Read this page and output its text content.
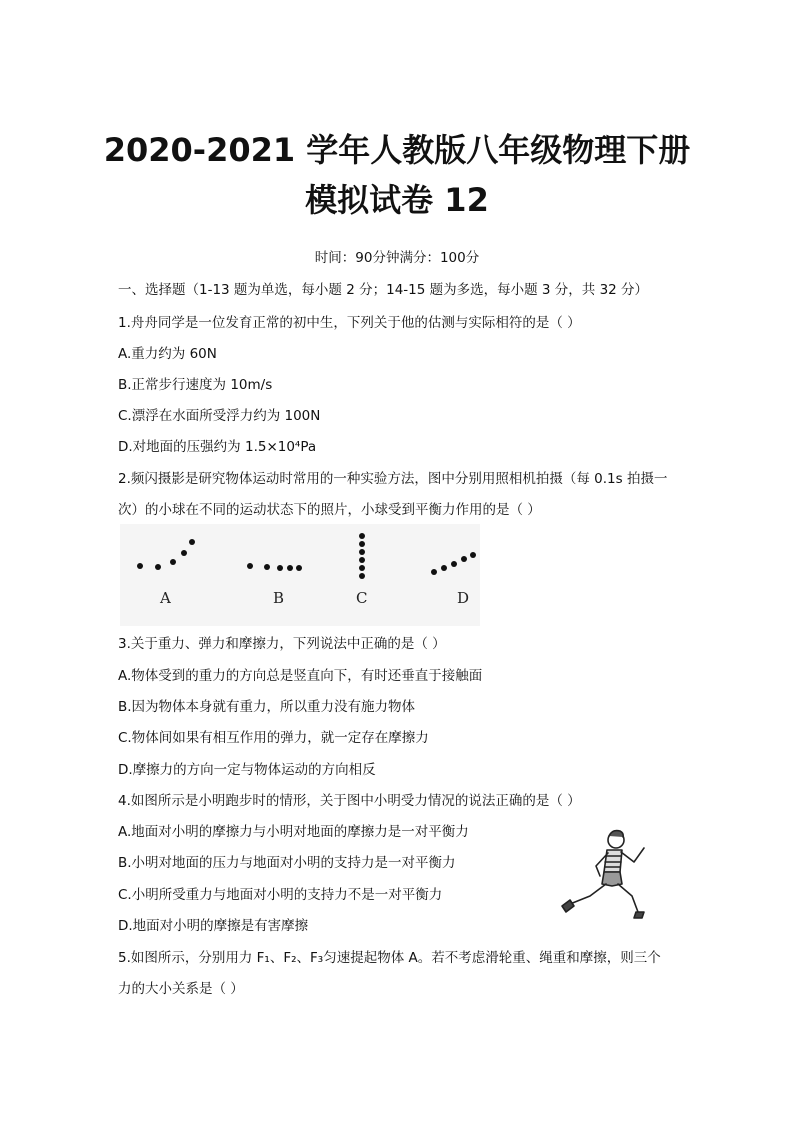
2020-2021 学年人教版八年级物理下册
模拟试卷 12
时间：90分钟满分：100分
一、选择题（1-13 题为单选，每小题 2 分；14-15 题为多选，每小题 3 分，共 32 分）
1.舟舟同学是一位发育正常的初中生，下列关于他的估测与实际相符的是（ ）
A.重力约为 60N
B.正常步行速度为 10m/s
C.漂浮在水面所受浮力约为 100N
D.对地面的压强约为 1.5×10⁴Pa
2.频闪摄影是研究物体运动时常用的一种实验方法，图中分别用照相机拍摄（每 0.1s 拍摄一
次）的小球在不同的运动状态下的照片，小球受到平衡力作用的是（ ）
A	B	C	D
3.关于重力、弹力和摩擦力，下列说法中正确的是（ ）
A.物体受到的重力的方向总是竖直向下，有时还垂直于接触面
B.因为物体本身就有重力，所以重力没有施力物体
C.物体间如果有相互作用的弹力，就一定存在摩擦力
D.摩擦力的方向一定与物体运动的方向相反
4.如图所示是小明跑步时的情形，关于图中小明受力情况的说法正确的是（ ）
A.地面对小明的摩擦力与小明对地面的摩擦力是一对平衡力
B.小明对地面的压力与地面对小明的支持力是一对平衡力
C.小明所受重力与地面对小明的支持力不是一对平衡力
D.地面对小明的摩擦是有害摩擦
5.如图所示，分别用力 F₁、F₂、F₃匀速提起物体 A。若不考虑滑轮重、绳重和摩擦，则三个
力的大小关系是（ ）
